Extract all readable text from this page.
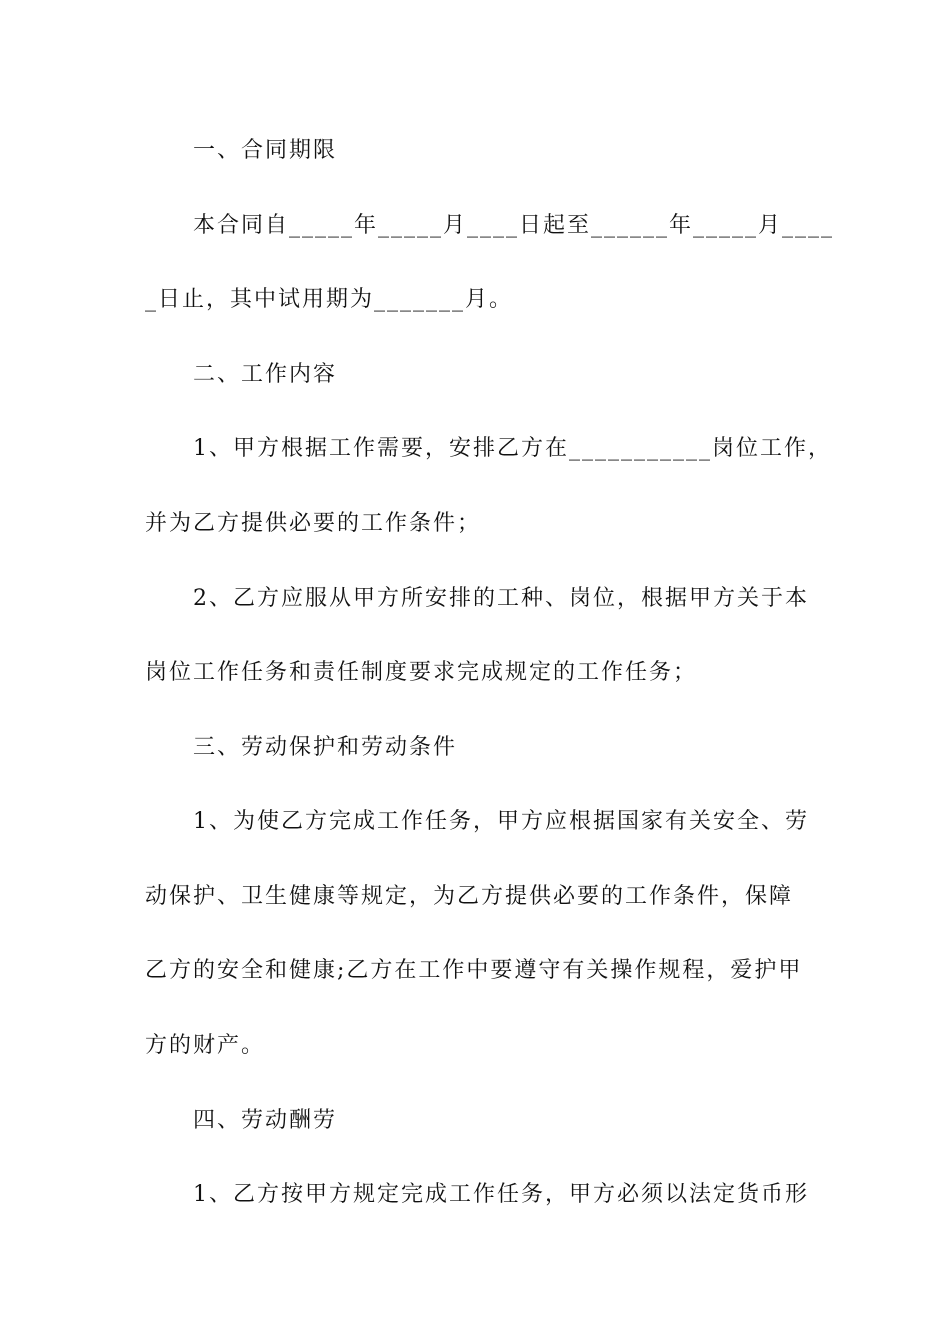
一、合同期限
本合同自_____年_____月____日起至______年_____月____
_日止，其中试用期为_______月。
二、工作内容
1、甲方根据工作需要，安排乙方在___________岗位工作，
并为乙方提供必要的工作条件；
2、乙方应服从甲方所安排的工种、岗位，根据甲方关于本
岗位工作任务和责任制度要求完成规定的工作任务；
三、劳动保护和劳动条件
1、为使乙方完成工作任务，甲方应根据国家有关安全、劳
动保护、卫生健康等规定，为乙方提供必要的工作条件，保障
乙方的安全和健康;乙方在工作中要遵守有关操作规程，爱护甲
方的财产。
四、劳动酬劳
1、乙方按甲方规定完成工作任务，甲方必须以法定货币形
